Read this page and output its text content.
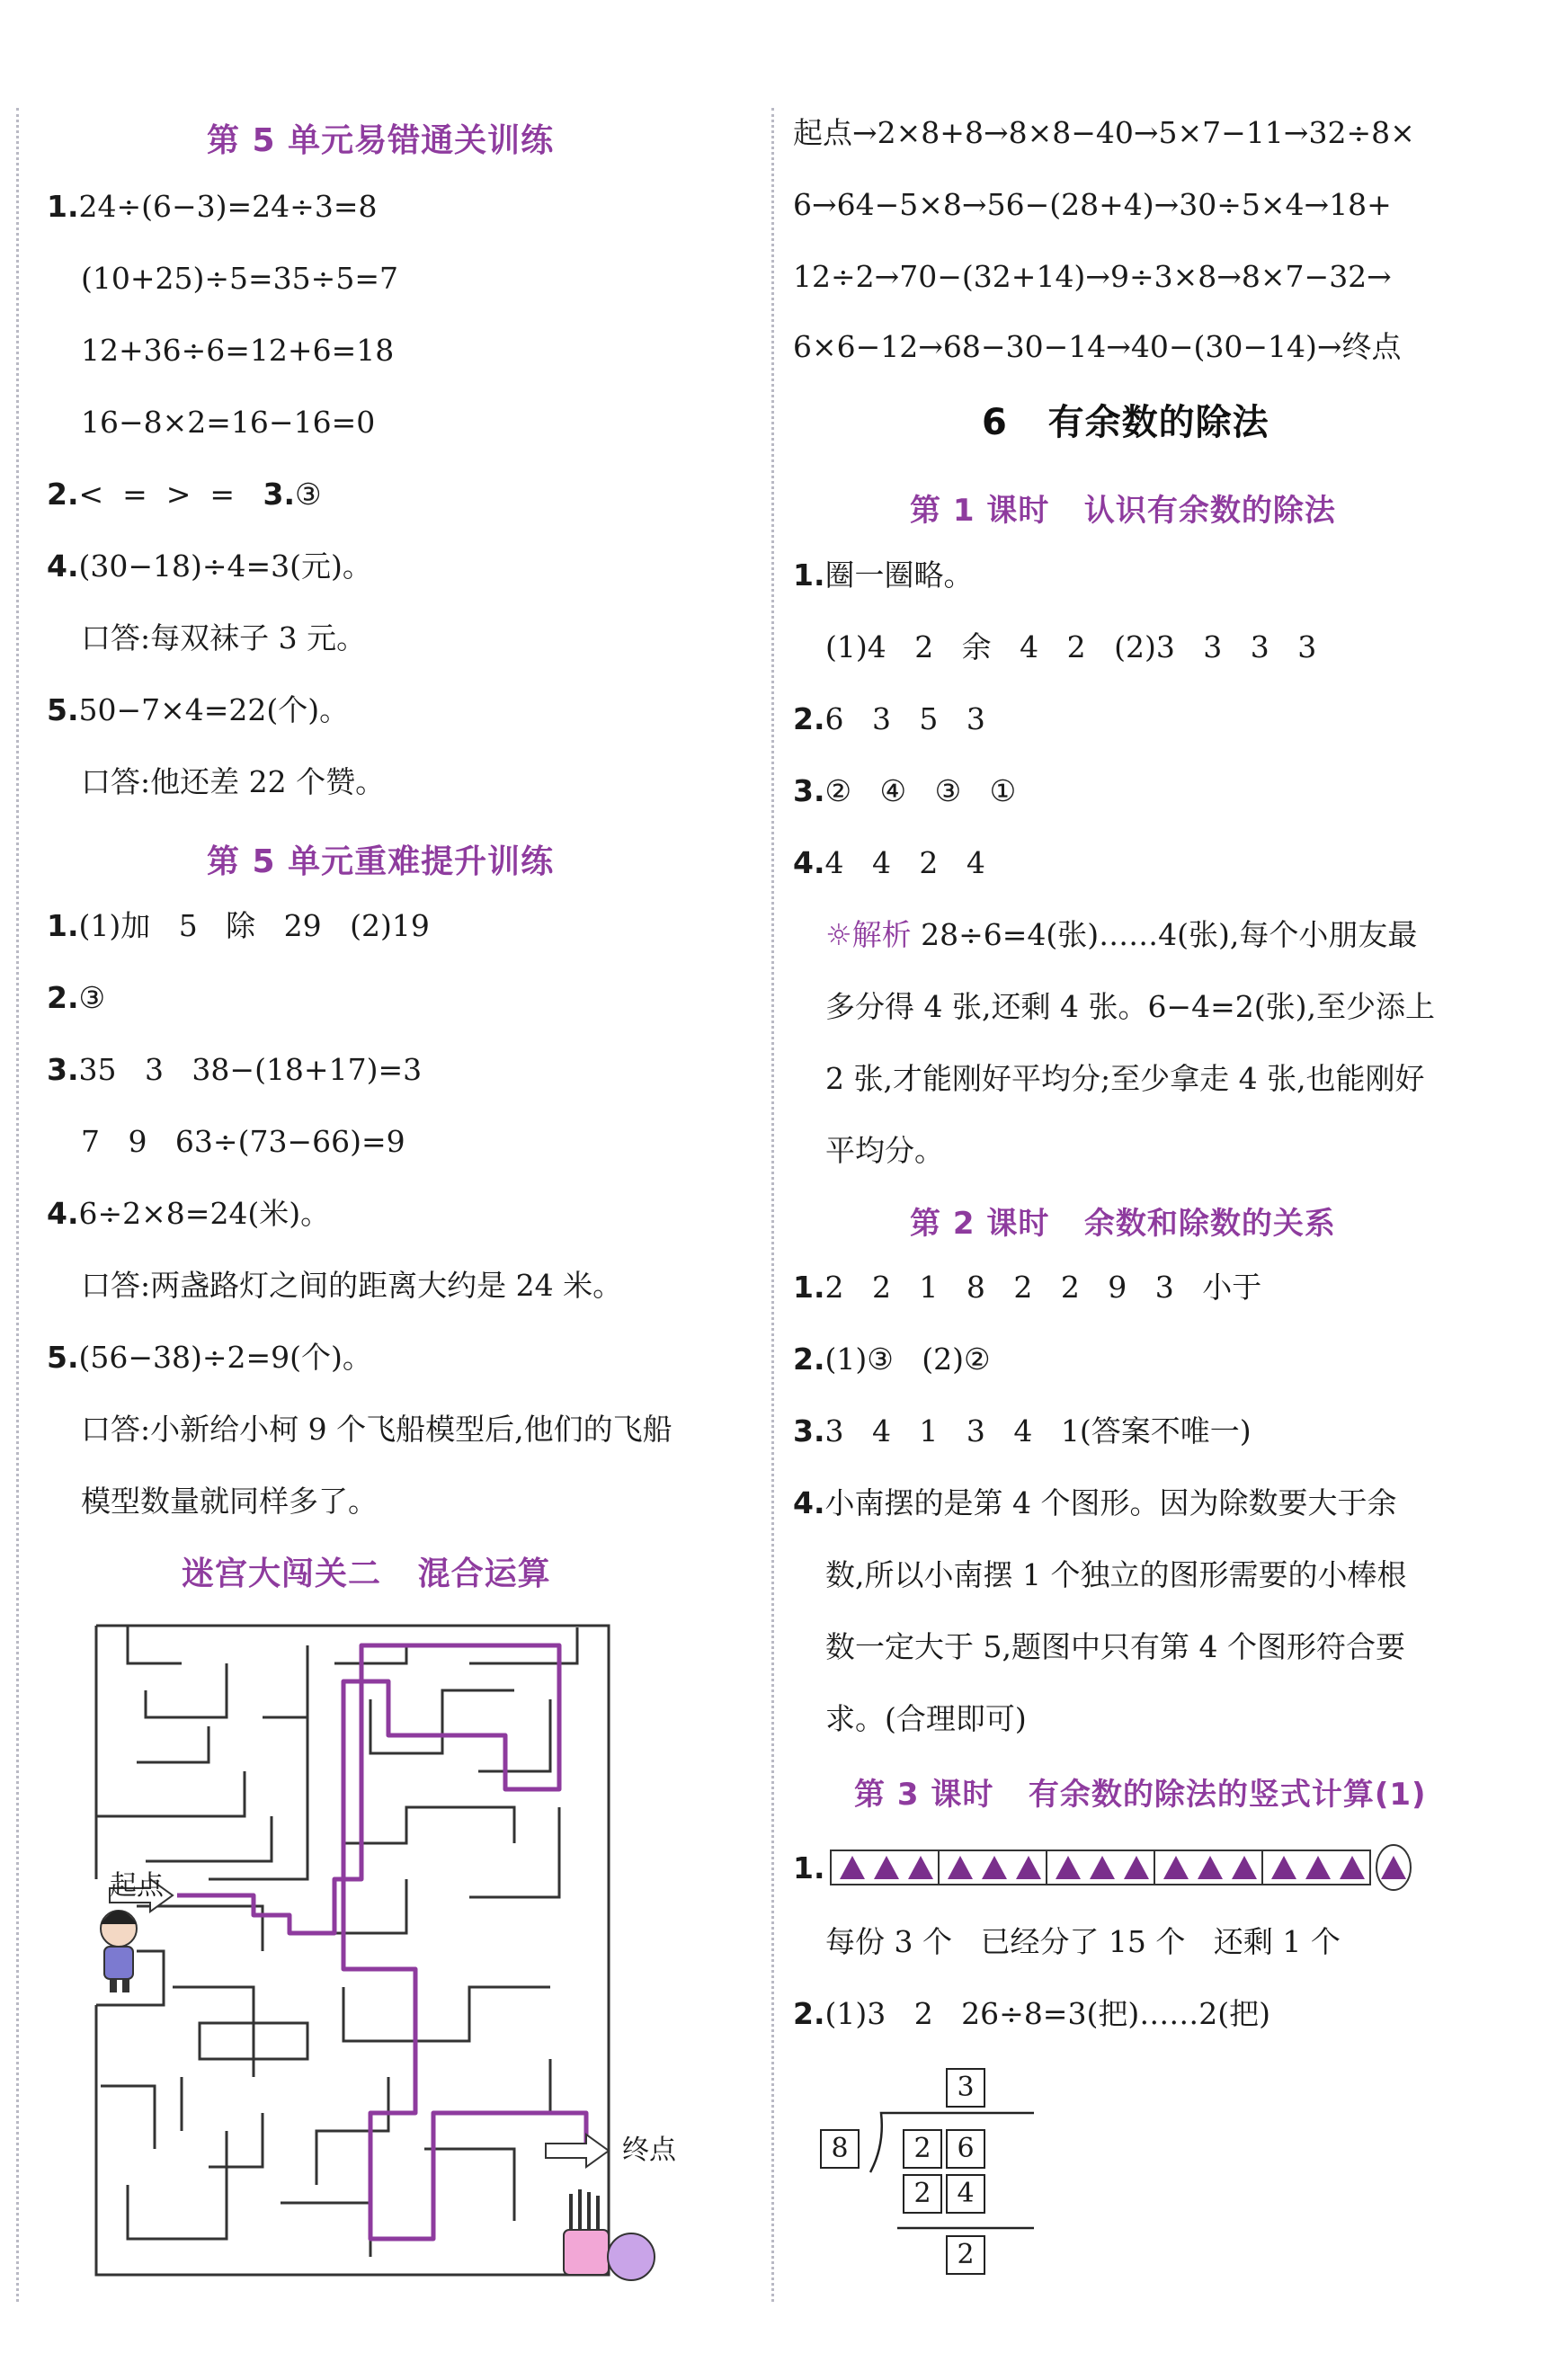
第 5 单元易错通关训练
1.24÷(6−3)=24÷3=8
(10+25)÷5=35÷5=7
12+36÷6=12+6=18
16−8×2=16−16=0
2.<  =  >  = 3.③
4.(30−18)÷4=3(元)。
口答:每双袜子 3 元。
5.50−7×4=22(个)。
口答:他还差 22 个赞。
第 5 单元重难提升训练
1.(1)加   5   除   29   (2)19
2.③
3.35   3   38−(18+17)=3
7   9   63÷(73−66)=9
4.6÷2×8=24(米)。
口答:两盏路灯之间的距离大约是 24 米。
5.(56−38)÷2=9(个)。
口答:小新给小柯 9 个飞船模型后,他们的飞船
模型数量就同样多了。
迷宫大闯关二   混合运算
起点
终点
起点→2×8+8→8×8−40→5×7−11→32÷8×
6→64−5×8→56−(28+4)→30÷5×4→18+
12÷2→70−(32+14)→9÷3×8→8×7−32→
6×6−12→68−30−14→40−(30−14)→终点
6   有余数的除法
第 1 课时   认识有余数的除法
1.圈一圈略。
(1)4   2   余   4   2   (2)3   3   3   3
2.6   3   5   3
3.②   ④   ③   ①
4.4   4   2   4
☼解析 28÷6=4(张)……4(张),每个小朋友最
多分得 4 张,还剩 4 张。6−4=2(张),至少添上
2 张,才能刚好平均分;至少拿走 4 张,也能刚好
平均分。
第 2 课时   余数和除数的关系
1.2   2   1   8   2   2   9   3   小于
2.(1)③   (2)②
3.3   4   1   3   4   1(答案不唯一)
4.小南摆的是第 4 个图形。因为除数要大于余
数,所以小南摆 1 个独立的图形需要的小棒根
数一定大于 5,题图中只有第 4 个图形符合要
求。(合理即可)
第 3 课时   有余数的除法的竖式计算(1)
1.
每份 3 个   已经分了 15 个   还剩 1 个
2.(1)3   2   26÷8=3(把)……2(把)
3
8	2 6
2 4
2
